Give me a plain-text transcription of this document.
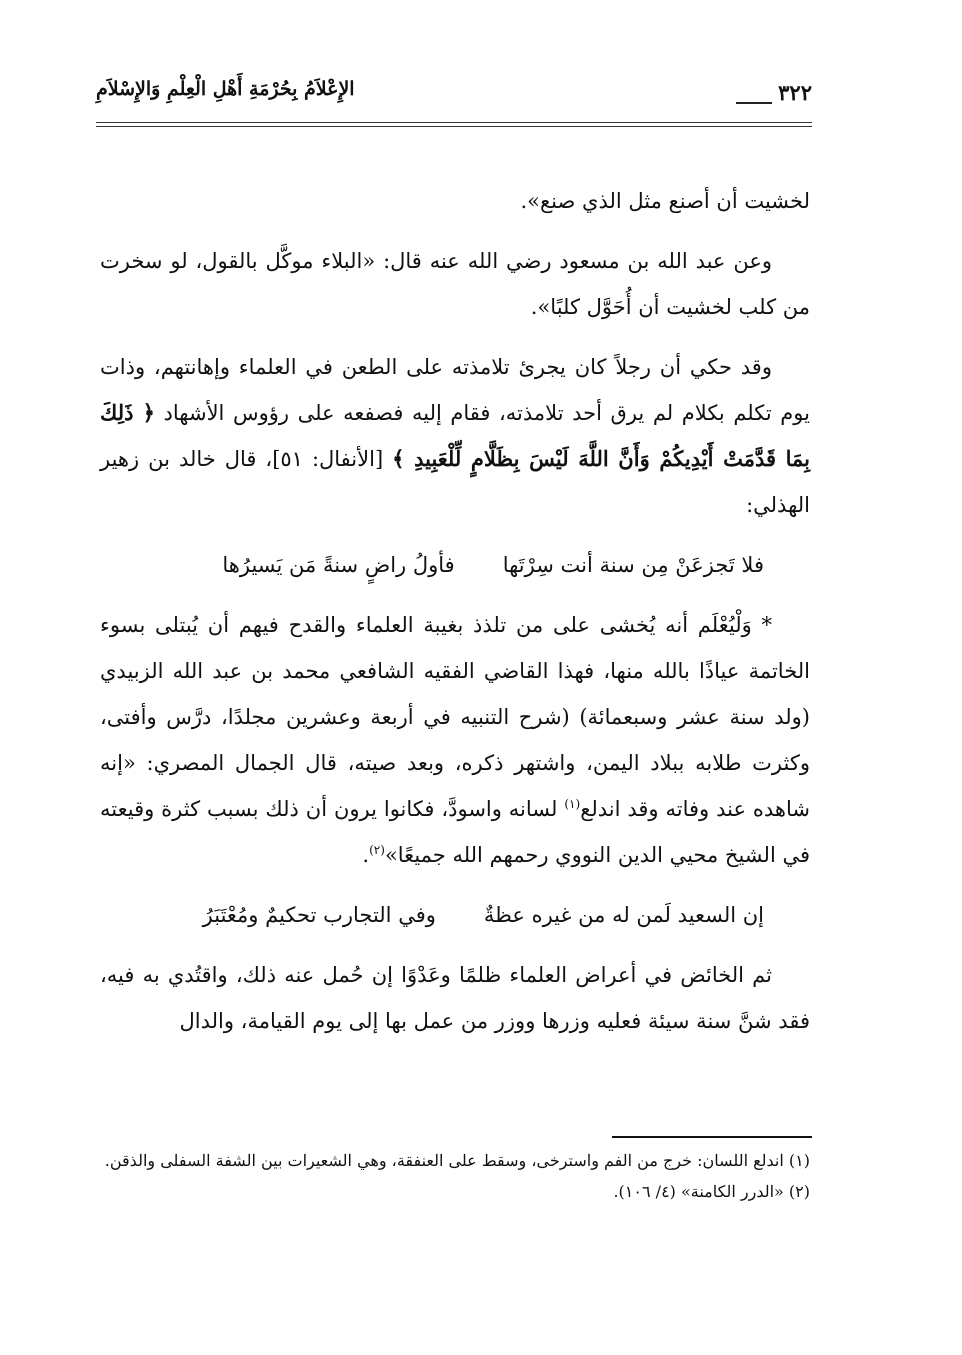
الإِعْلاَمُ بِحُرْمَةِ أَهْلِ الْعِلْمِ وَالإِسْلاَمِ	٣٢٢

لخشيت أن أصنع مثل الذي صنع».

وعن عبد الله بن مسعود رضي الله عنه قال: «البلاء موكَّل بالقول، لو سخرت من كلب لخشيت أن أُحَوَّل كلبًا».

وقد حكي أن رجلاً كان يجرئ تلامذته على الطعن في العلماء وإهانتهم، وذات يوم تكلم بكلام لم يرق أحد تلامذته، فقام إليه فصفعه على رؤوس الأشهاد ﴿ ذَلِكَ بِمَا قَدَّمَتْ أَيْدِيكُمْ وَأَنَّ اللَّهَ لَيْسَ بِظَلَّامٍ لِّلْعَبِيدِ ﴾ [الأنفال: ٥١]، قال خالد بن زهير الهذلي:

فلا تَجزعَنْ مِن سنة أنت سِرْتَها
فأولُ راضٍ سنةً مَن يَسيرُها

* وَلْيُعْلَم أنه يُخشى على من تلذذ بغيبة العلماء والقدح فيهم أن يُبتلى بسوء الخاتمة عياذًا بالله منها، فهذا القاضي الفقيه الشافعي محمد بن عبد الله الزبيدي (ولد سنة عشر وسبعمائة) (شرح التنبيه في أربعة وعشرين مجلدًا، درَّس وأفتى، وكثرت طلابه ببلاد اليمن، واشتهر ذكره، وبعد صيته، قال الجمال المصري: «إنه شاهده عند وفاته وقد اندلع$^{(١)}$ لسانه واسودَّ، فكانوا يرون أن ذلك بسبب كثرة وقيعته في الشيخ محيي الدين النووي رحمهم الله جميعًا»$^{(٢)}$.

إن السعيد لَمن له من غيره عظةٌ
وفي التجارب تحكيمٌ ومُعْتَبَرُ

ثم الخائض في أعراض العلماء ظلمًا وعَدْوًا إن حُمل عنه ذلك، واقتُدي به فيه، فقد شنَّ سنة سيئة فعليه وزرها ووزر من عمل بها إلى يوم القيامة، والدال

(١) اندلع اللسان: خرج من الفم واسترخى، وسقط على العنفقة، وهي الشعيرات بين الشفة السفلى والذقن.

(٢) «الدرر الكامنة» (٤/ ١٠٦).
